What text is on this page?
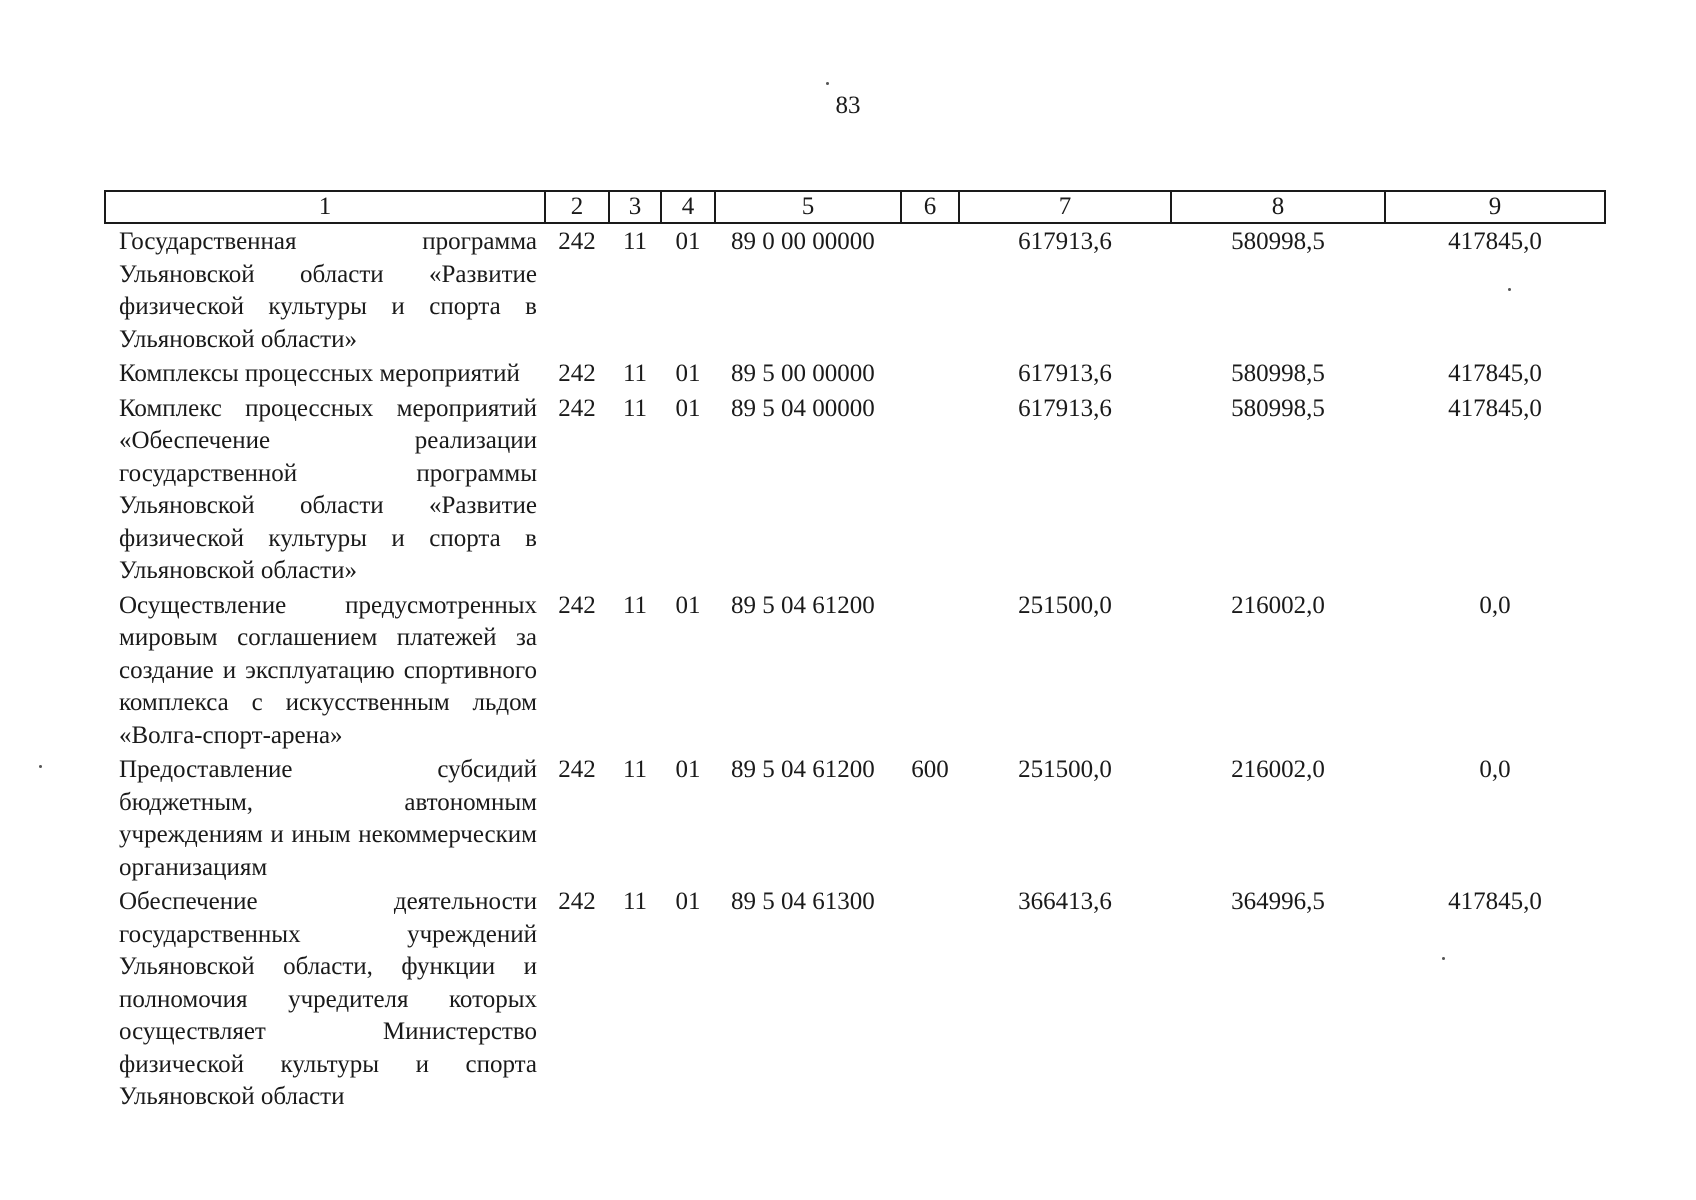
83
1	2	3	4	5	6	7	8	9
Государственная программа Ульяновской области «Развитие физической культуры и спорта в Ульяновской области»	242	11	01	89 0 00 00000		617913,6	580998,5	417845,0
Комплексы процессных мероприятий	242	11	01	89 5 00 00000		617913,6	580998,5	417845,0
Комплекс процессных мероприятий «Обеспечение реализации государственной программы Ульяновской области «Развитие физической культуры и спорта в Ульяновской области»	242	11	01	89 5 04 00000		617913,6	580998,5	417845,0
Осуществление предусмотренных мировым соглашением платежей за создание и эксплуатацию спортивного комплекса с искусственным льдом «Волга-спорт-арена»	242	11	01	89 5 04 61200		251500,0	216002,0	0,0
Предоставление субсидий бюджетным, автономным учреждениям и иным некоммерческим организациям	242	11	01	89 5 04 61200	600	251500,0	216002,0	0,0
Обеспечение деятельности государственных учреждений Ульяновской области, функции и полномочия учредителя которых осуществляет Министерство физической культуры и спорта Ульяновской области	242	11	01	89 5 04 61300		366413,6	364996,5	417845,0
